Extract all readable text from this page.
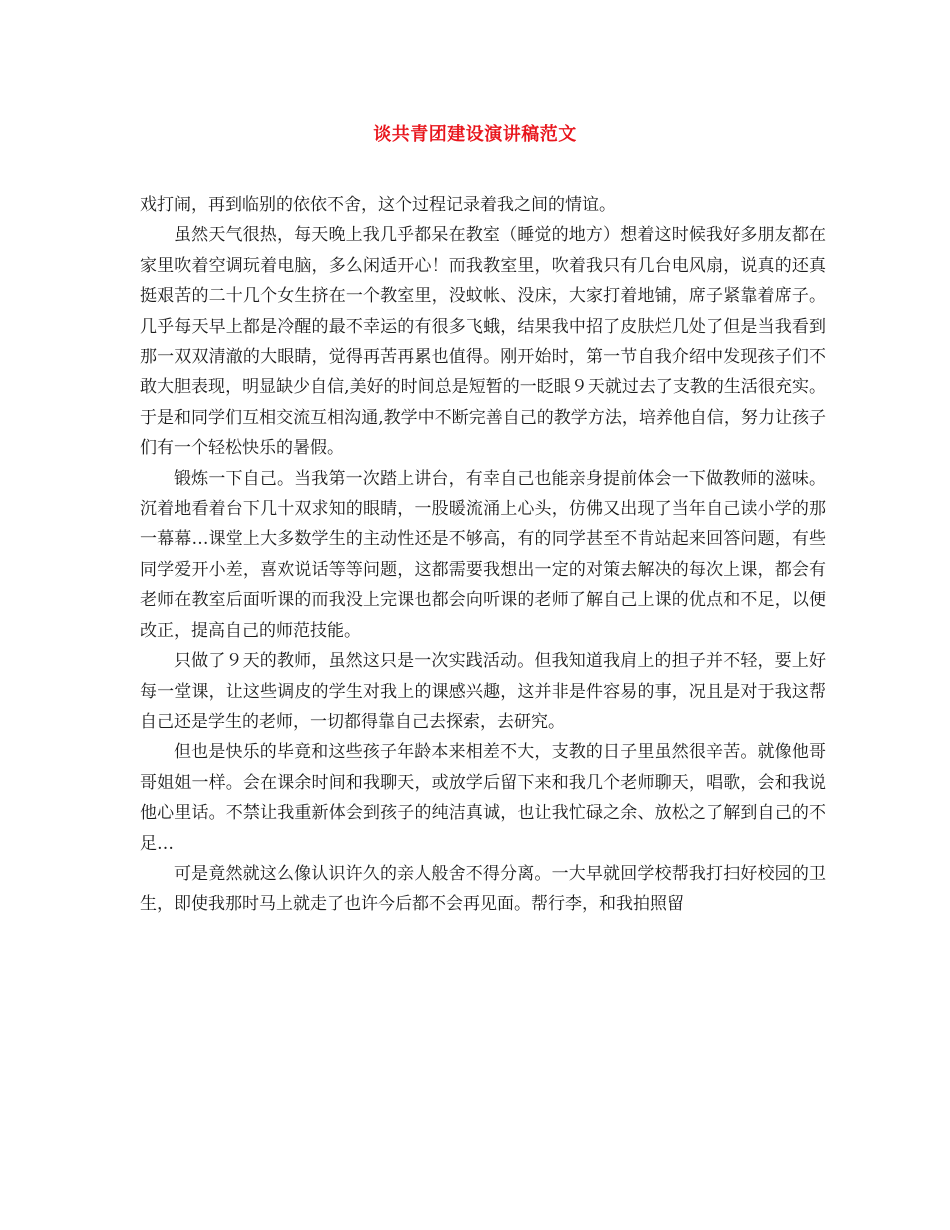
谈共青团建设演讲稿范文

戏打闹，再到临别的依依不舍，这个过程记录着我之间的情谊。

虽然天气很热，每天晚上我几乎都呆在教室（睡觉的地方）想着这时候我好多朋友都在家里吹着空调玩着电脑，多么闲适开心！而我教室里，吹着我只有几台电风扇，说真的还真挺艰苦的二十几个女生挤在一个教室里，没蚊帐、没床，大家打着地铺，席子紧靠着席子。几乎每天早上都是冷醒的最不幸运的有很多飞蛾，结果我中招了皮肤烂几处了但是当我看到那一双双清澈的大眼睛，觉得再苦再累也值得。刚开始时，第一节自我介绍中发现孩子们不敢大胆表现，明显缺少自信,美好的时间总是短暂的一眨眼９天就过去了支教的生活很充实。于是和同学们互相交流互相沟通,教学中不断完善自己的教学方法，培养他自信，努力让孩子们有一个轻松快乐的暑假。

锻炼一下自己。当我第一次踏上讲台，有幸自己也能亲身提前体会一下做教师的滋味。沉着地看着台下几十双求知的眼睛，一股暖流涌上心头，仿佛又出现了当年自己读小学的那一幕幕…课堂上大多数学生的主动性还是不够高，有的同学甚至不肯站起来回答问题，有些同学爱开小差，喜欢说话等等问题，这都需要我想出一定的对策去解决的每次上课，都会有老师在教室后面听课的而我没上完课也都会向听课的老师了解自己上课的优点和不足，以便改正，提高自己的师范技能。

只做了９天的教师，虽然这只是一次实践活动。但我知道我肩上的担子并不轻，要上好每一堂课，让这些调皮的学生对我上的课感兴趣，这并非是件容易的事，况且是对于我这帮自己还是学生的老师，一切都得靠自己去探索，去研究。

但也是快乐的毕竟和这些孩子年龄本来相差不大，支教的日子里虽然很辛苦。就像他哥哥姐姐一样。会在课余时间和我聊天，或放学后留下来和我几个老师聊天，唱歌，会和我说他心里话。不禁让我重新体会到孩子的纯洁真诚，也让我忙碌之余、放松之了解到自己的不足…

可是竟然就这么像认识许久的亲人般舍不得分离。一大早就回学校帮我打扫好校园的卫生，即使我那时马上就走了也许今后都不会再见面。帮行李，和我拍照留
